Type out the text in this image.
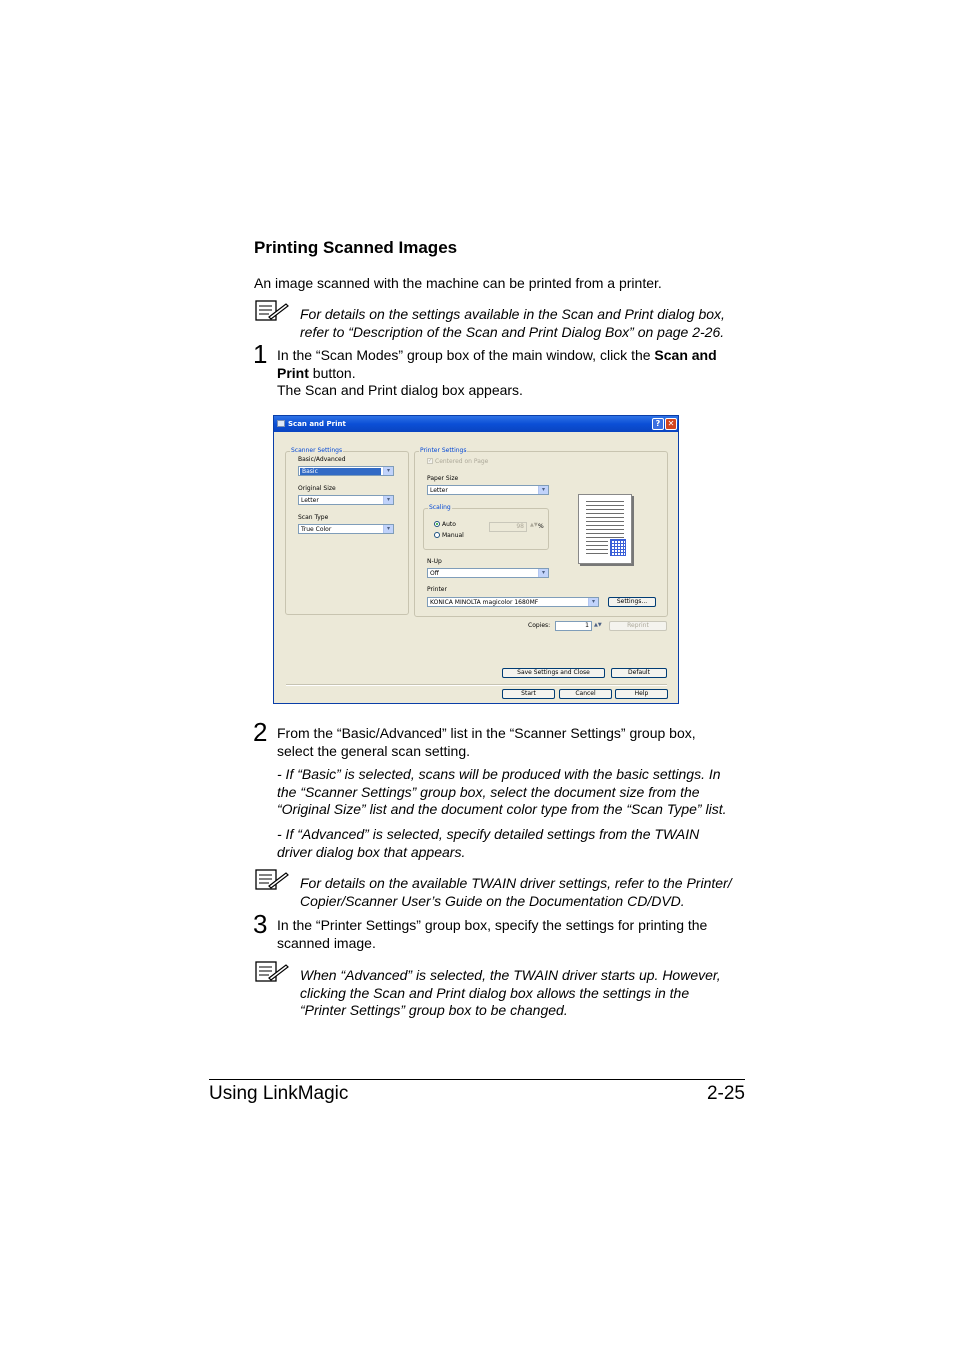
Printing Scanned Images
An image scanned with the machine can be printed from a printer.
For details on the settings available in the Scan and Print dialog box,
refer to “Description of the Scan and Print Dialog Box” on page 2-26.
1 In the “Scan Modes” group box of the main window, click the Scan and
Print button.
The Scan and Print dialog box appears.
Scan and Print	? ✕
Scanner Settings
Basic/Advanced
Basic	▾
Original Size
Letter	▾
Scan Type
True Color	▾
Printer Settings
✓ Centered on Page
Paper Size
Letter	▾
Scaling
Auto
Manual
98	▲▼ %
N-Up
Off	▾
Printer
KONICA MINOLTA magicolor 1680MF	▾	Settings...
Copies:	1	▲▼	Reprint
Save Settings and Close	Default
Start	Cancel	Help
2 From the “Basic/Advanced” list in the “Scanner Settings” group box,
select the general scan setting.
- If “Basic” is selected, scans will be produced with the basic settings. In
the “Scanner Settings” group box, select the document size from the
“Original Size” list and the document color type from the “Scan Type” list.
- If “Advanced” is selected, specify detailed settings from the TWAIN
driver dialog box that appears.
For details on the available TWAIN driver settings, refer to the Printer/
Copier/Scanner User’s Guide on the Documentation CD/DVD.
3 In the “Printer Settings” group box, specify the settings for printing the
scanned image.
When “Advanced” is selected, the TWAIN driver starts up. However,
clicking the Scan and Print dialog box allows the settings in the
“Printer Settings” group box to be changed.
Using LinkMagic	2-25
